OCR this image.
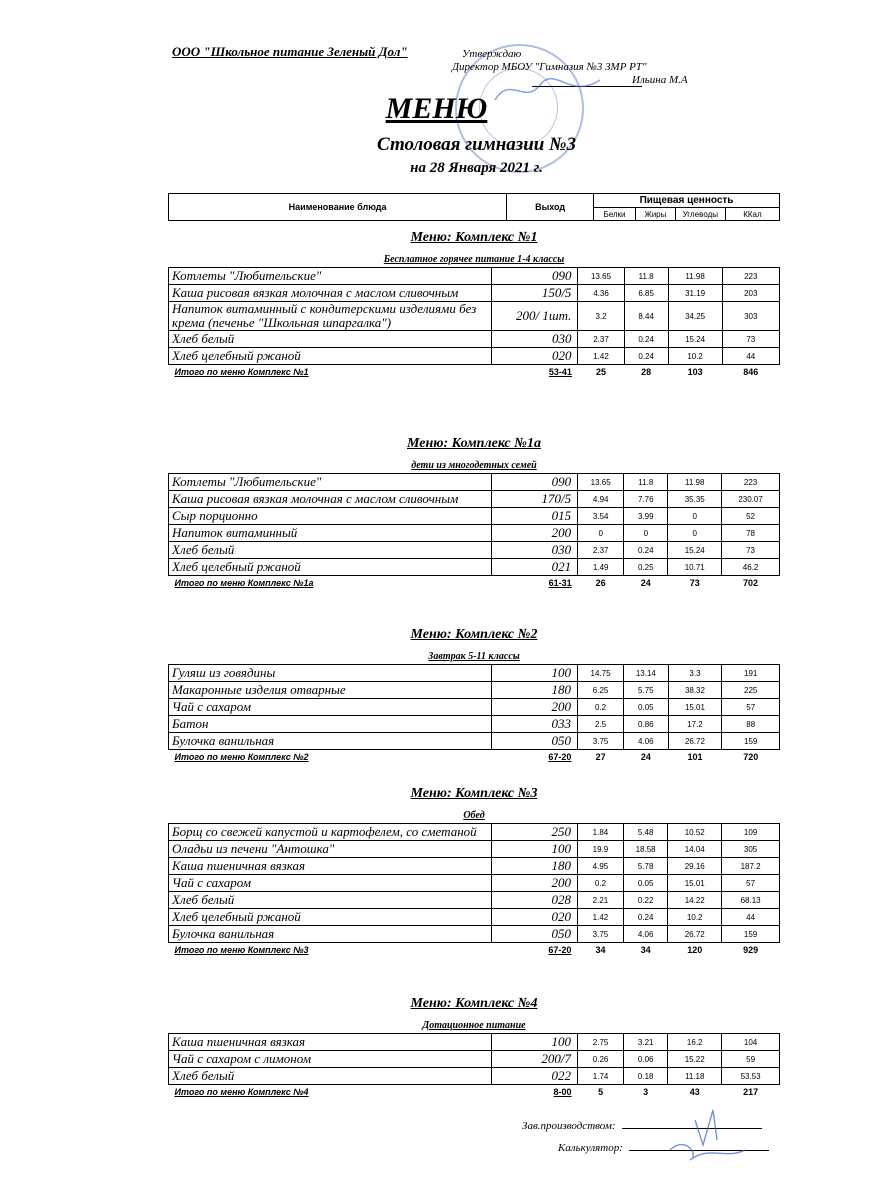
ООО "Школьное питание Зеленый Дол"	Утверждаю
Директор МБОУ "Гимназия №3 ЗМР РТ"
Ильина М.А
МЕНЮ
Столовая гимназии №3
на 28 Января 2021 г.
Наименование блюда	Выход	Пищевая ценность			
		Белки	Жиры	Углеводы	ККал
Меню: Комплекс №1
Бесплатное горячее питание 1-4 классы
Котлеты "Любительские"	090	13.65	11.8	11.98	223
Каша рисовая вязкая молочная с маслом сливочным	150/5	4.36	6.85	31.19	203
Напиток витаминный с кондитерскими изделиями без крема (печенье "Школьная шпаргалка")	200/ 1шт.	3.2	8.44	34.25	303
Хлеб белый	030	2.37	0.24	15.24	73
Хлеб целебный ржаной	020	1.42	0.24	10.2	44
Итого по меню Комплекс №1	53-41	25	28	103	846
Меню: Комплекс №1а
дети из многодетных семей
Котлеты "Любительские"	090	13.65	11.8	11.98	223
Каша рисовая вязкая молочная с маслом сливочным	170/5	4.94	7.76	35.35	230.07
Сыр порционно	015	3.54	3.99	0	52
Напиток витаминный	200	0	0	0	78
Хлеб белый	030	2.37	0.24	15.24	73
Хлеб целебный ржаной	021	1.49	0.25	10.71	46.2
Итого по меню Комплекс №1а	61-31	26	24	73	702
Меню: Комплекс №2
Завтрак 5-11 классы
Гуляш из говядины	100	14.75	13.14	3.3	191
Макаронные изделия отварные	180	6.25	5.75	38.32	225
Чай с сахаром	200	0.2	0.05	15.01	57
Батон	033	2.5	0.86	17.2	88
Булочка ванильная	050	3.75	4.06	26.72	159
Итого по меню Комплекс №2	67-20	27	24	101	720
Меню: Комплекс №3
Обед
Борщ со свежей капустой и картофелем, со сметаной	250	1.84	5.48	10.52	109
Оладьи из печени "Антошка"	100	19.9	18.58	14.04	305
Каша пшеничная вязкая	180	4.95	5.78	29.16	187.2
Чай с сахаром	200	0.2	0.05	15.01	57
Хлеб белый	028	2.21	0.22	14.22	68.13
Хлеб целебный ржаной	020	1.42	0.24	10.2	44
Булочка ванильная	050	3.75	4.06	26.72	159
Итого по меню Комплекс №3	67-20	34	34	120	929
Меню: Комплекс №4
Дотационное питание
Каша пшеничная вязкая	100	2.75	3.21	16.2	104
Чай с сахаром с лимоном	200/7	0.26	0.06	15.22	59
Хлеб белый	022	1.74	0.18	11.18	53.53
Итого по меню Комплекс №4	8-00	5	3	43	217
Зав.производством:
Калькулятор:
